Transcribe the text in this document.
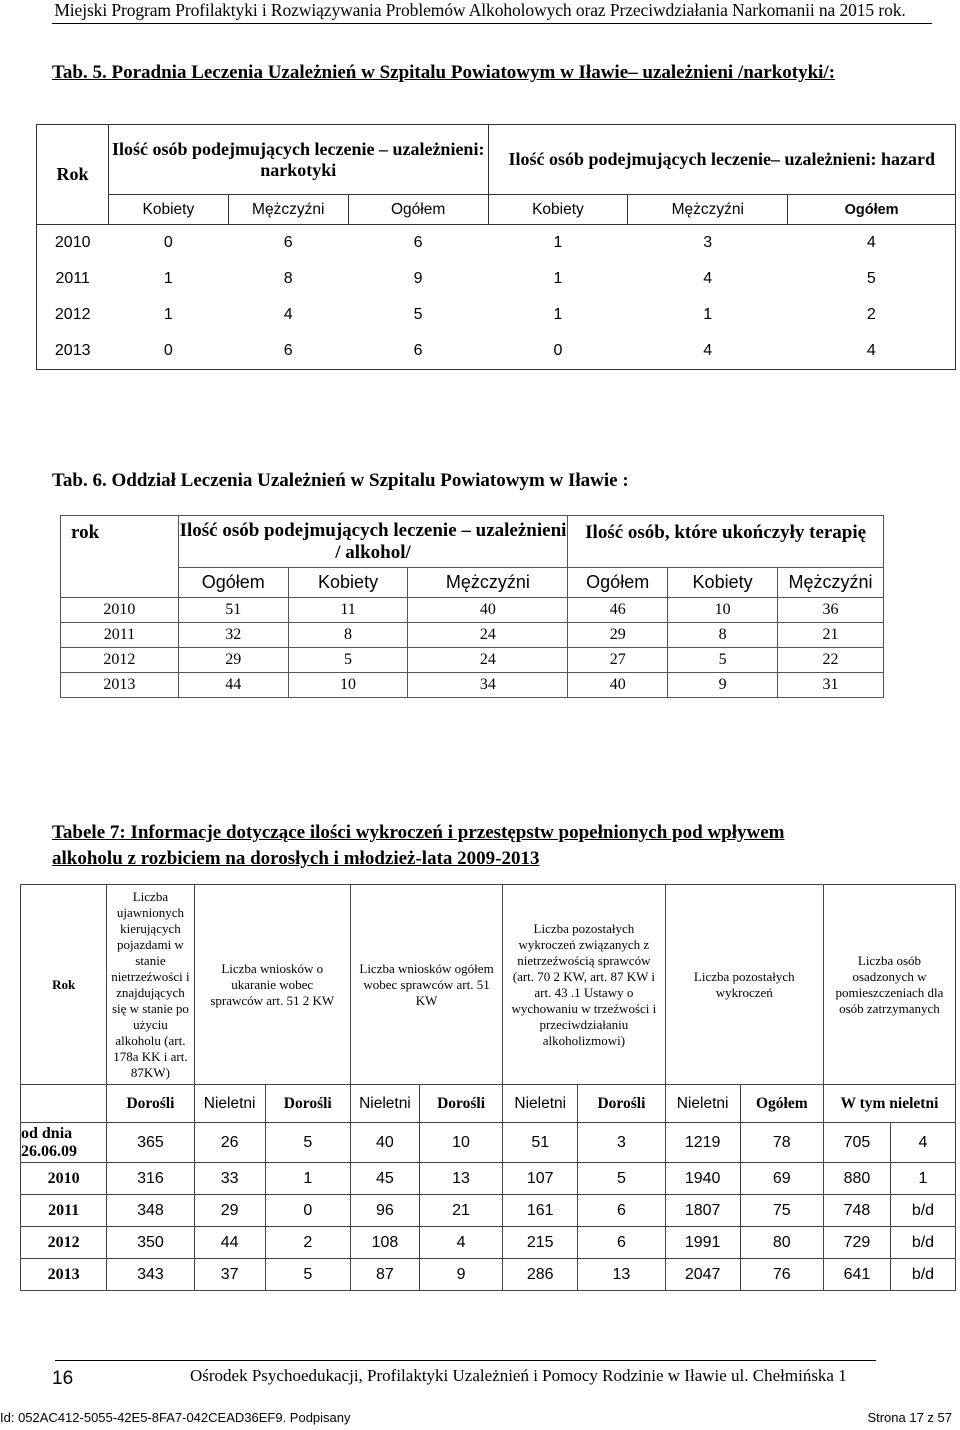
Miejski Program Profilaktyki i Rozwiązywania Problemów Alkoholowych oraz Przeciwdziałania Narkomanii na 2015 rok.
Tab. 5. Poradnia Leczenia Uzależnień w Szpitalu Powiatowym w Iławie– uzależnieni /narkotyki/:
Rok	Ilość osób podejmujących leczenie – uzależnieni: narkotyki			Ilość osób podejmujących leczenie– uzależnieni: hazard		
	Kobiety	Mężczyźni	Ogółem	Kobiety	Mężczyźni	Ogółem
2010	0	6	6	1	3	4
2011	1	8	9	1	4	5
2012	1	4	5	1	1	2
2013	0	6	6	0	4	4
Tab. 6. Oddział Leczenia Uzależnień w Szpitalu Powiatowym w Iławie :
rok	Ilość osób podejmujących leczenie – uzależnieni / alkohol/			Ilość osób, które ukończyły terapię		
	Ogółem	Kobiety	Mężczyźni	Ogółem	Kobiety	Mężczyźni
2010	51	11	40	46	10	36
2011	32	8	24	29	8	21
2012	29	5	24	27	5	22
2013	44	10	34	40	9	31
Tabele 7: Informacje dotyczące ilości wykroczeń i przestępstw popełnionych pod wpływem
alkoholu z rozbiciem na dorosłych i młodzież-lata 2009-2013
Rok	Liczba ujawnionych kierujących pojazdami w stanie nietrzeźwości i znajdujących się w stanie po użyciu alkoholu (art. 178a KK i art. 87KW)	Liczba wniosków o ukaranie wobec sprawców art. 51 2 KW		Liczba wniosków ogółem wobec sprawców art. 51 KW		Liczba pozostałych wykroczeń związanych z nietrzeźwością sprawców (art. 70 2 KW, art. 87 KW i art. 43 .1 Ustawy o wychowaniu w trzeźwości i przeciwdziałaniu alkoholizmowi)		Liczba pozostałych wykroczeń		Liczba osób osadzonych w pomieszczeniach dla osób zatrzymanych	
	Dorośli	Nieletni	Dorośli	Nieletni	Dorośli	Nieletni	Dorośli	Nieletni	Ogółem	W tym nieletni	
od dnia 26.06.09	365	26	5	40	10	51	3	1219	78	705	4
2010	316	33	1	45	13	107	5	1940	69	880	1
2011	348	29	0	96	21	161	6	1807	75	748	b/d
2012	350	44	2	108	4	215	6	1991	80	729	b/d
2013	343	37	5	87	9	286	13	2047	76	641	b/d
16	Ośrodek Psychoedukacji, Profilaktyki Uzależnień i Pomocy Rodzinie w Iławie ul. Chełmińska 1
Id: 052AC412-5055-42E5-8FA7-042CEAD36EF9. Podpisany	Strona 17 z 57
